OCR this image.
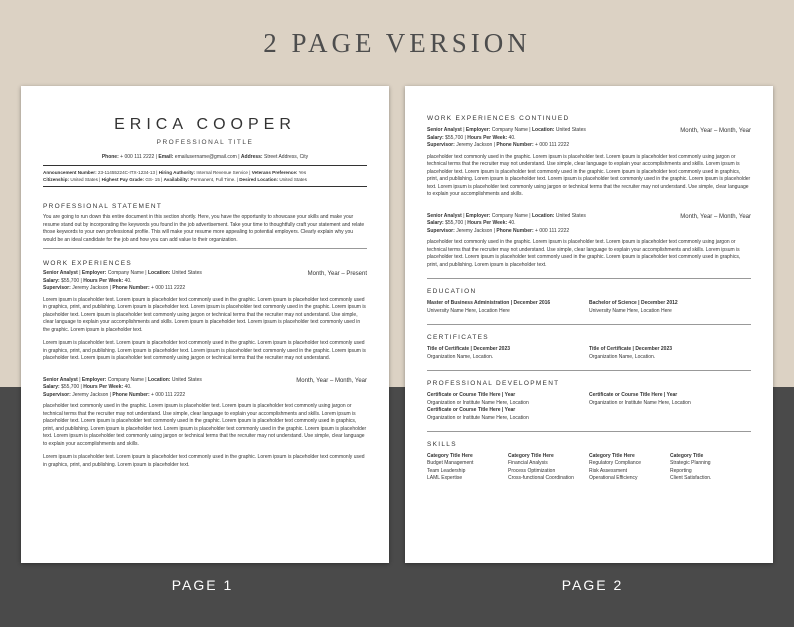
2 PAGE VERSION
ERICA COOPER
PROFESSIONAL TITLE
Phone: + 000 111 2222 | Email: emailusername@gmail.com | Address: Street Address, City
Announcement Number: 23-11455224C-ITX-1234-13 | Hiring Authority: Internal Revenue Service | Veterans Preference: Yes
Citizenship: United States | Highest Pay Grade: GS- 15 | Availability: Permanent, Full Time. | Desired Location: United States
PROFESSIONAL STATEMENT
You are going to run down this entire document in this section shortly. Here, you have the opportunity to showcase your skills and make your resume stand out by incorporating the keywords you found in the job advertisement. Take your time to thoughtfully craft your statement and relate those keywords to your own professional profile. This will make your resume more appealing to potential employers. Clearly explain why you would be an ideal candidate for the job and how you can add value to their organization.
WORK EXPERIENCES
Month, Year – Present
Senior Analyst | Employer: Company Name | Location: United States
Salary: $55,700 | Hours Per Week: 40.
Supervisor: Jeremy Jackson | Phone Number: + 000 111 2222
Lorem ipsum is placeholder text. Lorem ipsum is placeholder text commonly used in the graphic. Lorem ipsum is placeholder text commonly used in graphics, print, and publishing. Lorem ipsum is placeholder text. Lorem ipsum is placeholder text commonly used in the graphic. Lorem ipsum is placeholder text. Lorem ipsum is placeholder text commonly using jargon or technical terms that the recruiter may not understand. Use simple, clear language to explain your accomplishments and skills. Lorem ipsum is placeholder text. Lorem ipsum is placeholder text commonly used in the graphic. Lorem ipsum is placeholder text.
Lorem ipsum is placeholder text. Lorem ipsum is placeholder text commonly used in the graphic. Lorem ipsum is placeholder text commonly used in graphics, print, and publishing. Lorem ipsum is placeholder text. Lorem ipsum is placeholder text commonly used in the graphic. Lorem ipsum is placeholder text. Lorem ipsum is placeholder text commonly using jargon or technical terms that the recruiter may not understand.
Month, Year – Month, Year
Senior Analyst | Employer: Company Name | Location: United States
Salary: $55,700 | Hours Per Week: 40.
Supervisor: Jeremy Jackson | Phone Number: + 000 111 2222
placeholder text commonly used in the graphic. Lorem ipsum is placeholder text. Lorem ipsum is placeholder text commonly using jargon or technical terms that the recruiter may not understand. Use simple, clear language to explain your accomplishments and skills. Lorem ipsum is placeholder text. Lorem ipsum is placeholder text commonly used in the graphic. Lorem ipsum is placeholder text commonly used in graphics, print, and publishing. Lorem ipsum is placeholder text. Lorem ipsum is placeholder text commonly used in the graphic. Lorem ipsum is placeholder text. Lorem ipsum is placeholder text commonly using jargon or technical terms that the recruiter may not understand. Use simple, clear language to explain your accomplishments and skills.
Lorem ipsum is placeholder text. Lorem ipsum is placeholder text commonly used in the graphic. Lorem ipsum is placeholder text commonly used in graphics, print, and publishing. Lorem ipsum is placeholder text.
WORK EXPERIENCES CONTINUED
Month, Year – Month, Year
Senior Analyst | Employer: Company Name | Location: United States
Salary: $55,700 | Hours Per Week: 40.
Supervisor: Jeremy Jackson | Phone Number: + 000 111 2222
placeholder text commonly used in the graphic. Lorem ipsum is placeholder text. Lorem ipsum is placeholder text commonly using jargon or technical terms that the recruiter may not understand. Use simple, clear language to explain your accomplishments and skills. Lorem ipsum is placeholder text. Lorem ipsum is placeholder text commonly used in the graphic. Lorem ipsum is placeholder text commonly used in graphics, print, and publishing. Lorem ipsum is placeholder text. Lorem ipsum is placeholder text commonly used in the graphic. Lorem ipsum is placeholder text. Lorem ipsum is placeholder text commonly using jargon or technical terms that the recruiter may not understand. Use simple, clear language to explain your accomplishments and skills.
Month, Year – Month, Year
Senior Analyst | Employer: Company Name | Location: United States
Salary: $55,700 | Hours Per Week: 40.
Supervisor: Jeremy Jackson | Phone Number: + 000 111 2222
placeholder text commonly used in the graphic. Lorem ipsum is placeholder text. Lorem ipsum is placeholder text commonly using jargon or technical terms that the recruiter may not understand. Use simple, clear language to explain your accomplishments and skills. Lorem ipsum is placeholder text. Lorem ipsum is placeholder text commonly used in the graphic. Lorem ipsum is placeholder text commonly used in graphics, print, and publishing. Lorem ipsum is placeholder text.
EDUCATION
Master of Business Administration | December 2016
University Name Here, Location Here
Bachelor of Science | December 2012
University Name Here, Location Here
CERTIFICATES
Title of Certificate | December 2023
Organization Name, Location.
Title of Certificate | December 2023
Organization Name, Location.
PROFESSIONAL DEVELOPMENT
Certificate or Course Title Here | Year
Organization or Institute Name Here, Location
Certificate or Course Title Here | Year
Organization or Institute Name Here, Location
Certificate or Course Title Here | Year
Organization or Institute Name Here, Location
SKILLS
Category Title Here
Budget Management
Team Leadership
LAML Expertise
Category Title Here
Financial Analysis
Process Optimization
Cross-functional Coordination
Category Title Here
Regulatory Compliance
Risk Assessment
Operational Efficiency
Category Title
Strategic Planning
Reporting
Client Satisfaction.
PAGE 1	PAGE 2
